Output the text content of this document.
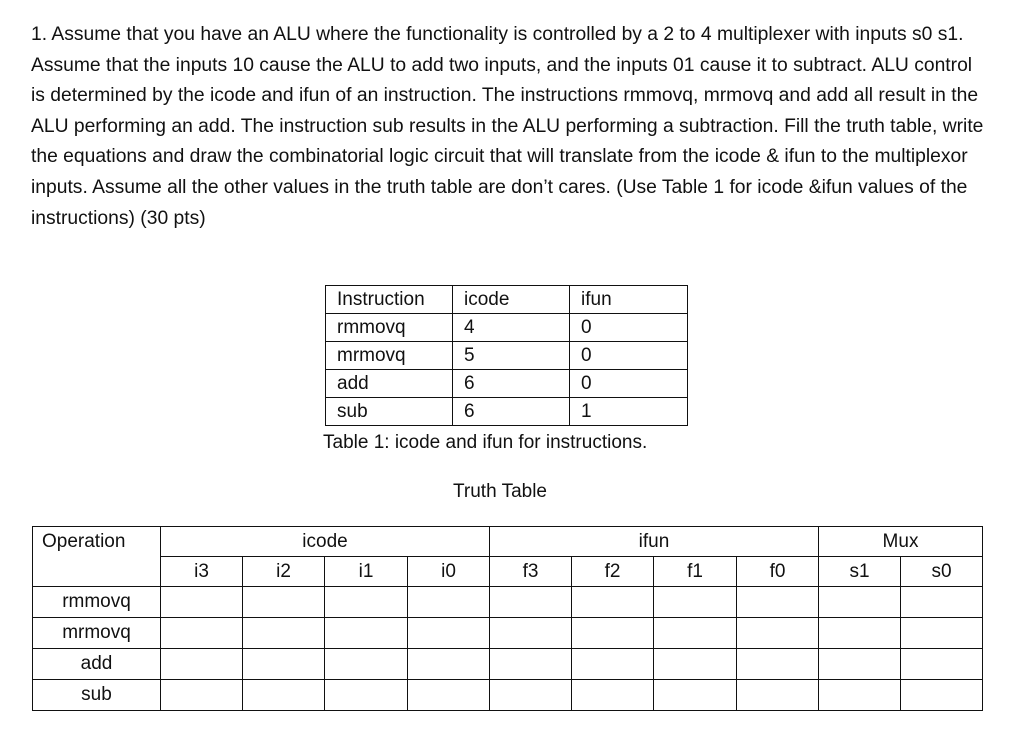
1. Assume that you have an ALU where the functionality is controlled by a 2 to 4 multiplexer with inputs s0 s1. Assume that the inputs 10 cause the ALU to add two inputs, and the inputs 01 cause it to subtract. ALU control is determined by the icode and ifun of an instruction. The instructions rmmovq, mrmovq and add all result in the ALU performing an add. The instruction sub results in the ALU performing a subtraction. Fill the truth table, write the equations and draw the combinatorial logic circuit that will translate from the icode & ifun to the multiplexor inputs. Assume all the other values in the truth table are don’t cares. (Use Table 1 for icode &ifun values of the instructions) (30 pts)

Instruction	icode	ifun
rmmovq	4	0
mrmovq	5	0
add	6	0
sub	6	1

Table 1: icode and ifun for instructions.

Truth Table

Operation	icode				ifun				Mux	
	i3	i2	i1	i0	f3	f2	f1	f0	s1	s0
rmmovq										
mrmovq										
add										
sub										
